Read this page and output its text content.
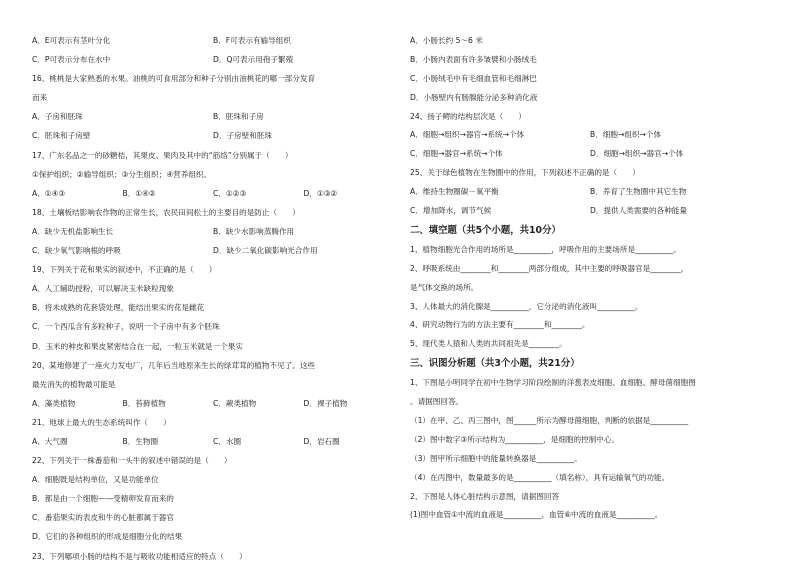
A．E可表示有茎叶分化	B．F可表示有输导组织
C．P可表示分布在水中	D．Q可表示用孢子繁殖
16、桃桃是大家熟悉的水果。油桃的可食用部分和种子分别由油桃花的哪一部分发育
而来
A．子房和胚珠	B．胚珠和子房
C．胚珠和子房壁	D．子房壁和胚珠
17、广东名品之一的砂糖桔，其果皮、果肉及其中的“筋络”分别属于（　　）
①保护组织；②输导组织；③分生组织；④营养组织。
A．①④③	B．①④②	C．①②③	D．①③②
18、土壤板结影响农作物的正常生长，农民田间松土的主要目的是防止（　　）
A．缺少无机盐影响生长	B．缺少水影响蒸腾作用
C．缺少氧气影响根的呼吸	D．缺少二氧化碳影响光合作用
19、下列关于花和果实的叙述中，不正确的是（　　）
A．人工辅助授粉，可以解决玉米缺粒现象
B．将未成熟的花套袋处理，能结出果实的花是雌花
C．一个西瓜含有多粒种子，说明一个子房中有多个胚珠
D．玉米的种皮和果皮紧密结合在一起，一粒玉米就是一个果实
20、某地修建了一座火力发电厂，几年后当地原来生长的绿茸茸的植物不见了。这些
最先消失的植物最可能是
A．藻类植物	B．苔藓植物	C．蕨类植物	D．裸子植物
21、地球上最大的生态系统叫作（　　）
A．大气圈	B．生物圈	C．水圈	D．岩石圈
22、下列关于一株番茄和一头牛的叙述中错误的是（　　）
A．细胞既是结构单位，又是功能单位
B．都是由一个细胞——受精卵发育而来的
C．番茄果实的表皮和牛的心脏都属于器官
D．它们的各种组织的形成是细胞分化的结果
23、下列哪项小肠的结构不是与吸收功能相适应的特点（　　）
A．小肠长约 5～6 米
B．小肠内表面有许多皱襞和小肠绒毛
C．小肠绒毛中有毛细血管和毛细淋巴
D．小肠壁内有肠腺能分泌多种消化液
24、扬子鳄的结构层次是（　　）
A．细胞→组织→器官→系统→个体	B．细胞→组织→个体
C．细胞→器官→系统→个体	D．细胞→组织→器官→个体
25、关于绿色植物在生物圈中的作用，下列叙述不正确的是（　　）
A．维持生物圈碳－氧平衡	B．养育了生物圈中其它生物
C．增加降水，调节气候	D．提供人类需要的各种能量
二、填空题（共5个小题，共10分）
1、植物细胞光合作用的场所是__________，呼吸作用的主要场所是__________。
2、呼吸系统由________和________两部分组成，其中主要的呼吸器官是________，
是气体交换的场所。
3、人体最大的消化腺是__________，它分泌的消化液叫__________。
4、研究动物行为的方法主要有________和________。
5、现代类人猿和人类的共同祖先是________。
三、识图分析题（共3个小题，共21分）
1、下图是小明同学在初中生物学习阶段绘制的洋葱表皮细胞、血细胞、酵母菌细胞图
。请据图回答。
（1）在甲、乙、丙三图中，图______所示为酵母菌细胞，判断的依据是__________
（2）图中数字③所示结构为__________，是细胞的控制中心。
（3）图甲所示细胞中的能量转换器是__________。
（4）在丙图中，数量最多的是__________（填名称），具有运输氧气的功能。
2、下图是人体心脏结构示意图，请据图回答
(1)图中血管①中流的血液是__________，血管⑥中流的血液是__________。
